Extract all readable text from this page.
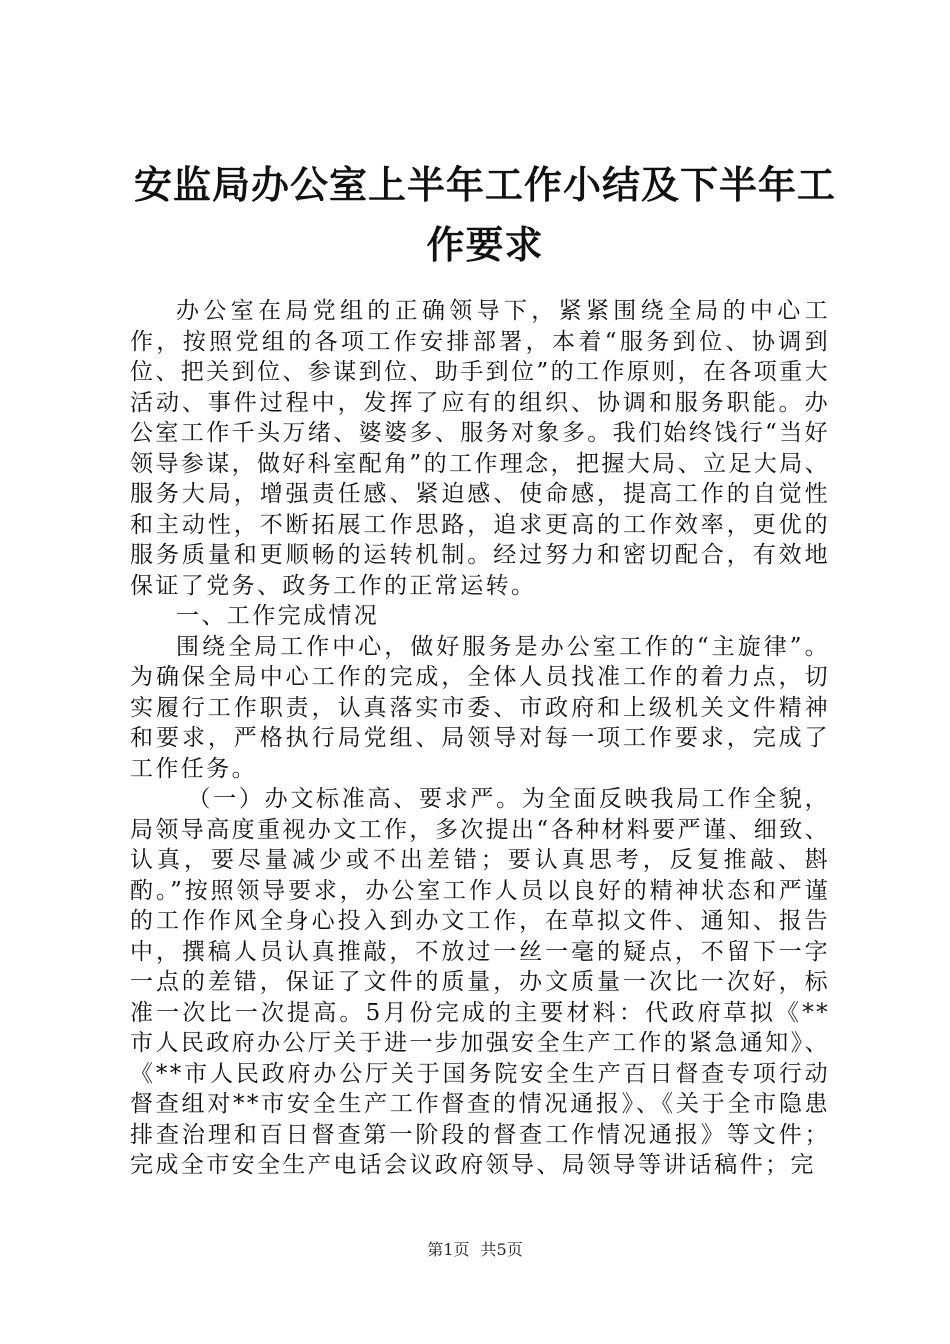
安监局办公室上半年工作小结及下半年工作要求

办公室在局党组的正确领导下，紧紧围绕全局的中心工作，按照党组的各项工作安排部署，本着“服务到位、协调到位、把关到位、参谋到位、助手到位”的工作原则，在各项重大活动、事件过程中，发挥了应有的组织、协调和服务职能。办公室工作千头万绪、婆婆多、服务对象多。我们始终饯行“当好领导参谋，做好科室配角”的工作理念，把握大局、立足大局、服务大局，增强责任感、紧迫感、使命感，提高工作的自觉性和主动性，不断拓展工作思路，追求更高的工作效率，更优的服务质量和更顺畅的运转机制。经过努力和密切配合，有效地保证了党务、政务工作的正常运转。

一、工作完成情况

围绕全局工作中心，做好服务是办公室工作的“主旋律”。为确保全局中心工作的完成，全体人员找准工作的着力点，切实履行工作职责，认真落实市委、市政府和上级机关文件精神和要求，严格执行局党组、局领导对每一项工作要求，完成了工作任务。

（一）办文标准高、要求严。为全面反映我局工作全貌，局领导高度重视办文工作，多次提出“各种材料要严谨、细致、认真，要尽量减少或不出差错；要认真思考，反复推敲、斟酌。”按照领导要求，办公室工作人员以良好的精神状态和严谨的工作作风全身心投入到办文工作，在草拟文件、通知、报告中，撰稿人员认真推敲，不放过一丝一毫的疑点，不留下一字一点的差错，保证了文件的质量，办文质量一次比一次好，标准一次比一次提高。5月份完成的主要材料：代政府草拟《**市人民政府办公厅关于进一步加强安全生产工作的紧急通知》、《**市人民政府办公厅关于国务院安全生产百日督查专项行动督查组对**市安全生产工作督查的情况通报》、《关于全市隐患排查治理和百日督查第一阶段的督查工作情况通报》等文件；完成全市安全生产电话会议政府领导、局领导等讲话稿件；完

第1页 共5页
